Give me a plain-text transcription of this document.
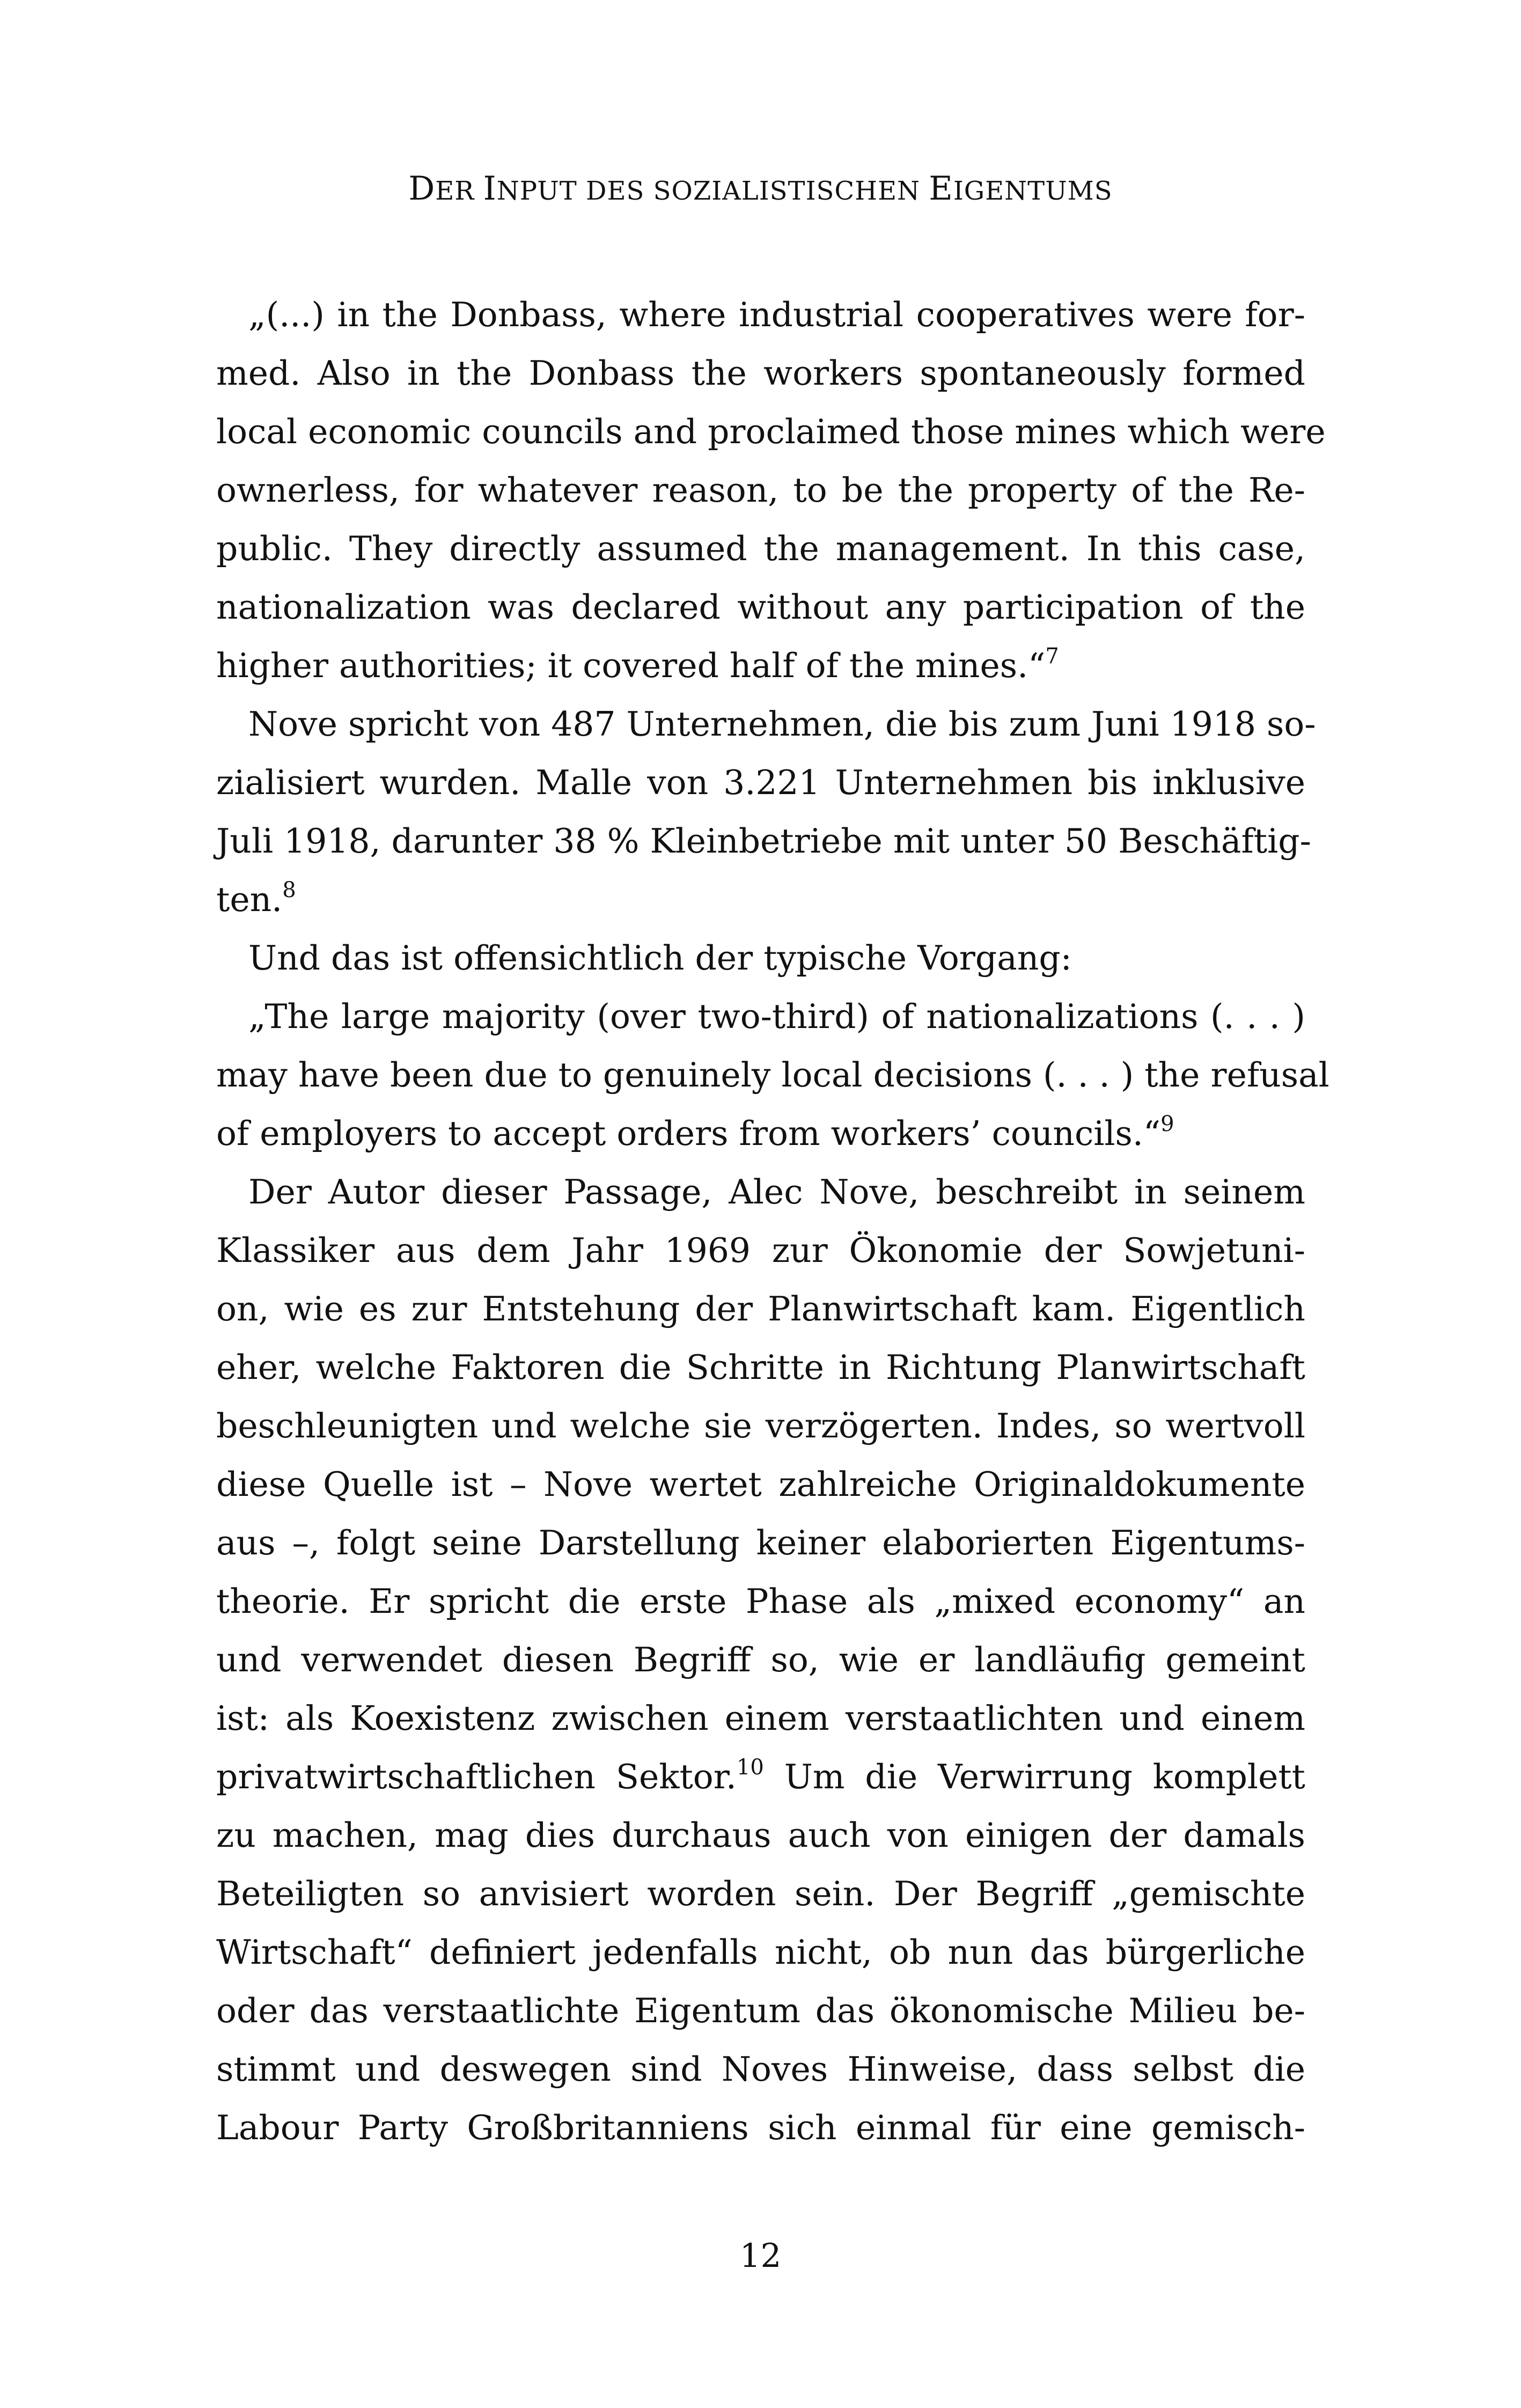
DER INPUT DES SOZIALISTISCHEN EIGENTUMS
„(...) in the Donbass, where industrial cooperatives were for-
med. Also in the Donbass the workers spontaneously formed
local economic councils and proclaimed those mines which were
ownerless, for whatever reason, to be the property of the Re-
public. They directly assumed the management. In this case,
nationalization was declared without any participation of the
higher authorities; it covered half of the mines.“$^7$
Nove spricht von 487 Unternehmen, die bis zum Juni 1918 so-
zialisiert wurden. Malle von 3.221 Unternehmen bis inklusive
Juli 1918, darunter 38 % Kleinbetriebe mit unter 50 Beschäftig-
ten.$^8$
Und das ist offensichtlich der typische Vorgang:
„The large majority (over two-third) of nationalizations (. . . )
may have been due to genuinely local decisions (. . . ) the refusal
of employers to accept orders from workers’ councils.“$^9$
Der Autor dieser Passage, Alec Nove, beschreibt in seinem
Klassiker aus dem Jahr 1969 zur Ökonomie der Sowjetuni-
on, wie es zur Entstehung der Planwirtschaft kam. Eigentlich
eher, welche Faktoren die Schritte in Richtung Planwirtschaft
beschleunigten und welche sie verzögerten. Indes, so wertvoll
diese Quelle ist – Nove wertet zahlreiche Originaldokumente
aus –, folgt seine Darstellung keiner elaborierten Eigentums-
theorie. Er spricht die erste Phase als „mixed economy“ an
und verwendet diesen Begriff so, wie er landläufig gemeint
ist: als Koexistenz zwischen einem verstaatlichten und einem
privatwirtschaftlichen Sektor.$^{10}$ Um die Verwirrung komplett
zu machen, mag dies durchaus auch von einigen der damals
Beteiligten so anvisiert worden sein. Der Begriff „gemischte
Wirtschaft“ definiert jedenfalls nicht, ob nun das bürgerliche
oder das verstaatlichte Eigentum das ökonomische Milieu be-
stimmt und deswegen sind Noves Hinweise, dass selbst die
Labour Party Großbritanniens sich einmal für eine gemisch-
12
